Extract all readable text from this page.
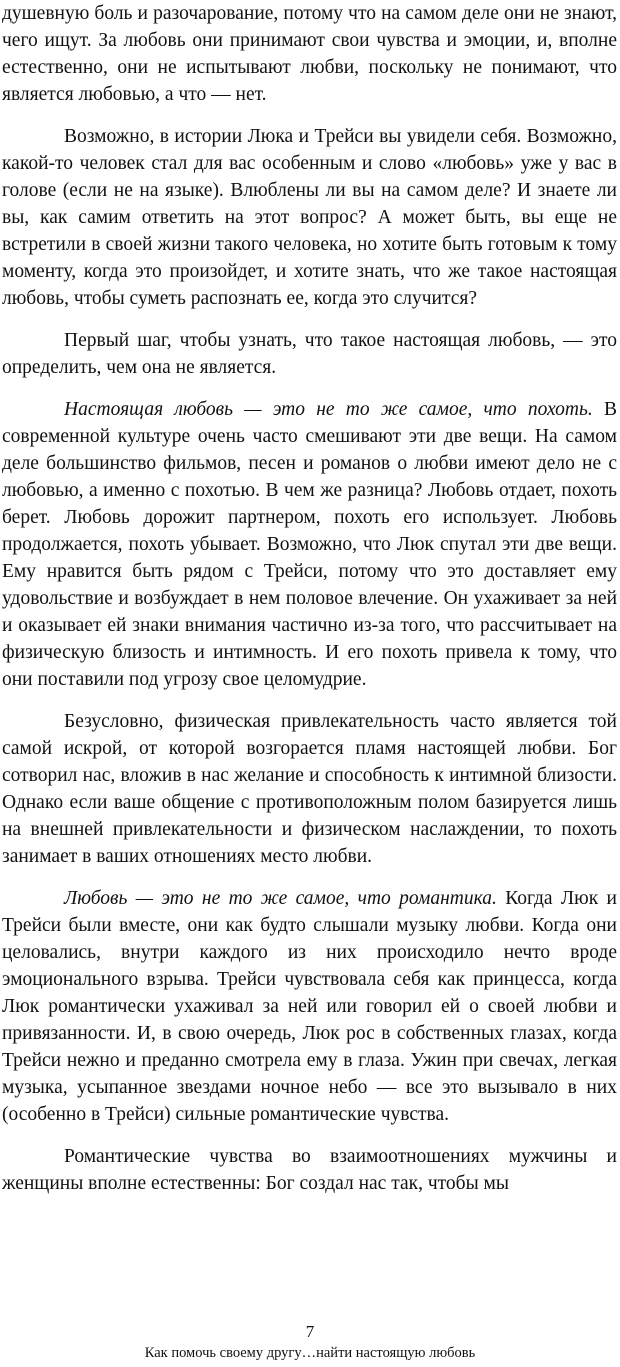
душевную боль и разочарование, потому что на самом деле они не знают, чего ищут. За любовь они принимают свои чувства и эмоции, и, вполне естественно, они не испытывают любви, поскольку не понимают, что является любовью, а что — нет.

Возможно, в истории Люка и Трейси вы увидели себя. Возможно, какой-то человек стал для вас особенным и слово «любовь» уже у вас в голове (если не на языке). Влюблены ли вы на самом деле? И знаете ли вы, как самим ответить на этот вопрос? А может быть, вы еще не встретили в своей жизни такого человека, но хотите быть готовым к тому моменту, когда это произойдет, и хотите знать, что же такое настоящая любовь, чтобы суметь распознать ее, когда это случится?

Первый шаг, чтобы узнать, что такое настоящая любовь, — это определить, чем она не является.

Настоящая любовь — это не то же самое, что похоть. В современной культуре очень часто смешивают эти две вещи. На самом деле большинство фильмов, песен и романов о любви имеют дело не с любовью, а именно с похотью. В чем же разница? Любовь отдает, похоть берет. Любовь дорожит партнером, похоть его использует. Любовь продолжается, похоть убывает. Возможно, что Люк спутал эти две вещи. Ему нравится быть рядом с Трейси, потому что это доставляет ему удовольствие и возбуждает в нем половое влечение. Он ухаживает за ней и оказывает ей знаки внимания частично из-за того, что рассчитывает на физическую близость и интимность. И его похоть привела к тому, что они поставили под угрозу свое целомудрие.

Безусловно, физическая привлекательность часто является той самой искрой, от которой возгорается пламя настоящей любви. Бог сотворил нас, вложив в нас желание и способность к интимной близости. Однако если ваше общение с противоположным полом базируется лишь на внешней привлекательности и физическом наслаждении, то похоть занимает в ваших отношениях место любви.

Любовь — это не то же самое, что романтика. Когда Люк и Трейси были вместе, они как будто слышали музыку любви. Когда они целовались, внутри каждого из них происходило нечто вроде эмоционального взрыва. Трейси чувствовала себя как принцесса, когда Люк романтически ухаживал за ней или говорил ей о своей любви и привязанности. И, в свою очередь, Люк рос в собственных глазах, когда Трейси нежно и преданно смотрела ему в глаза. Ужин при свечах, легкая музыка, усыпанное звездами ночное небо — все это вызывало в них (особенно в Трейси) сильные романтические чувства.

Романтические чувства во взаимоотношениях мужчины и женщины вполне естественны: Бог создал нас так, чтобы мы

7
Как помочь своему другу…найти настоящую любовь
